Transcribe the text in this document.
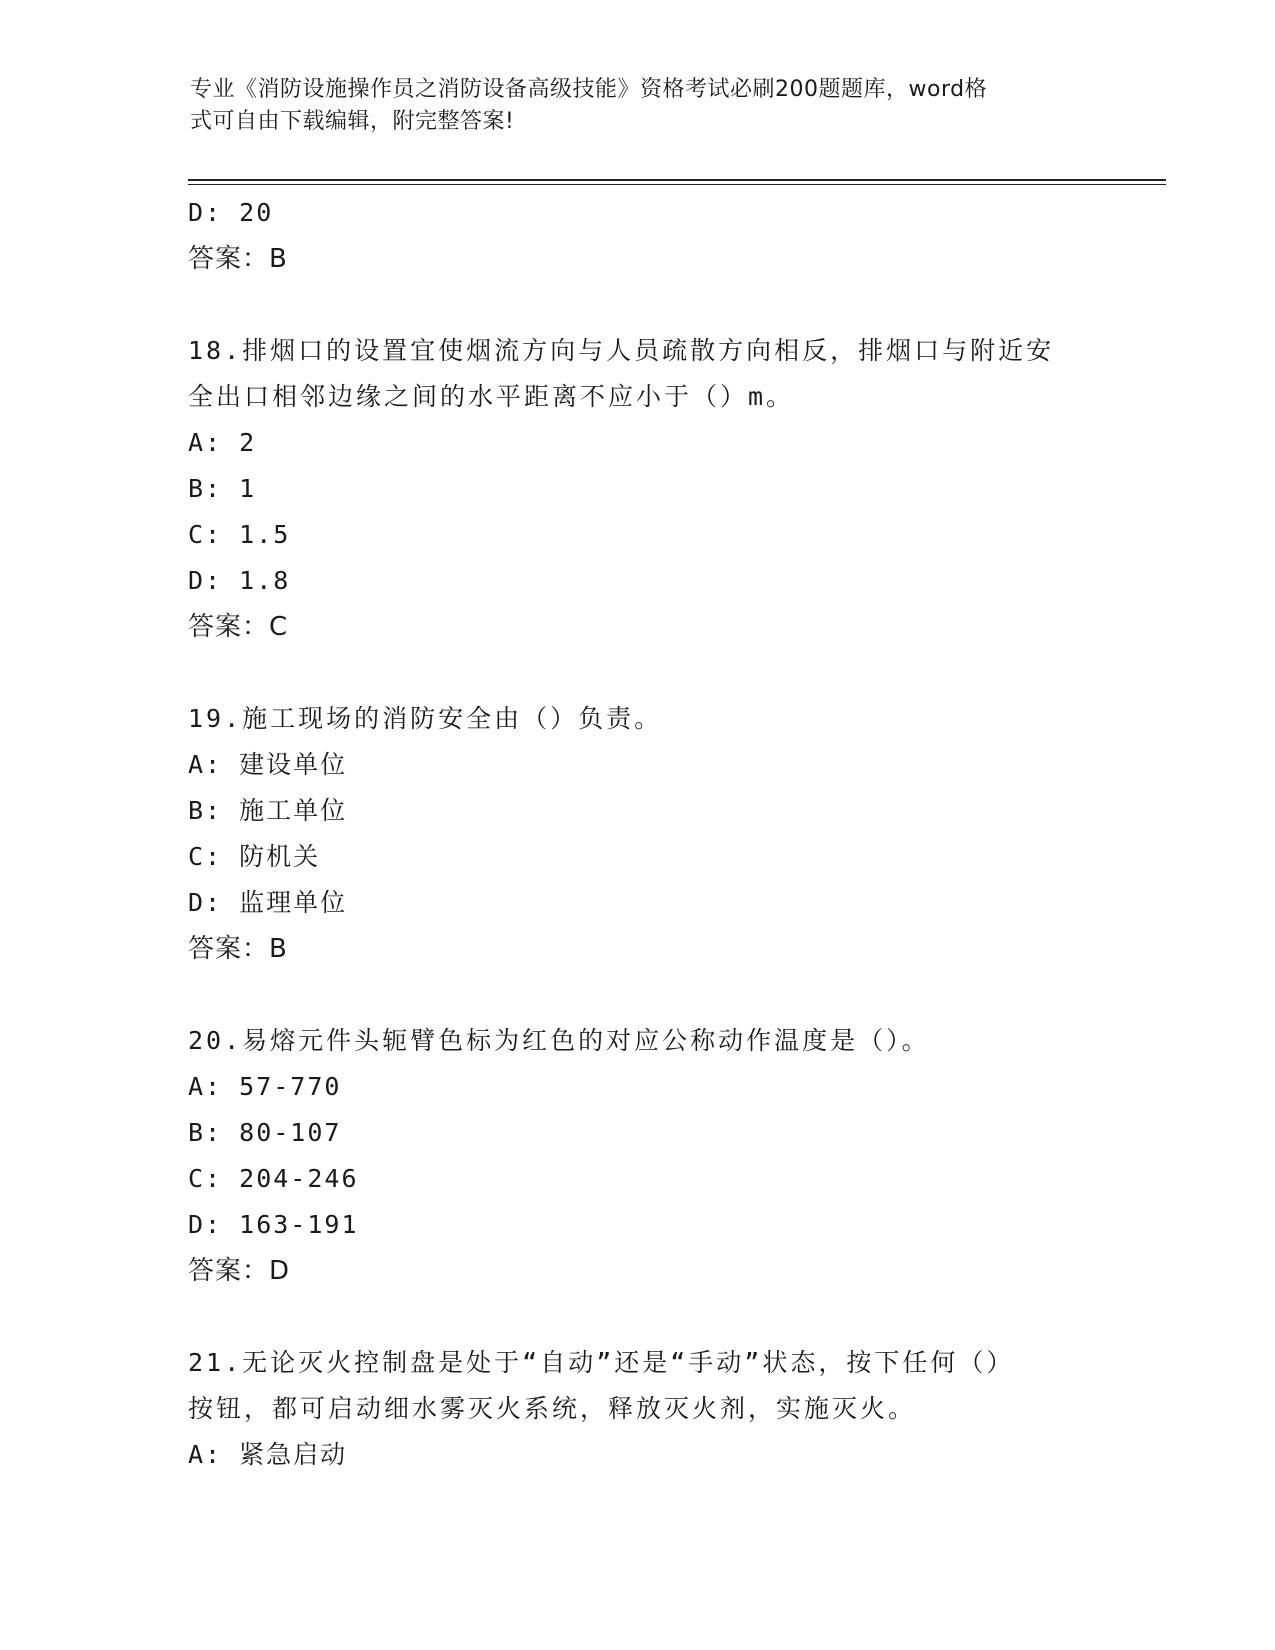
专业《消防设施操作员之消防设备高级技能》资格考试必刷200题题库，word格
式可自由下载编辑，附完整答案!
D: 20
答案：B
18.排烟口的设置宜使烟流方向与人员疏散方向相反，排烟口与附近安
全出口相邻边缘之间的水平距离不应小于（）m。
A: 2
B: 1
C: 1.5
D: 1.8
答案：C
19.施工现场的消防安全由（）负责。
A: 建设单位
B: 施工单位
C: 防机关
D: 监理单位
答案：B
20.易熔元件头轭臂色标为红色的对应公称动作温度是（）。
A: 57-770
B: 80-107
C: 204-246
D: 163-191
答案：D
21.无论灭火控制盘是处于“自动”还是“手动”状态，按下任何（）
按钮，都可启动细水雾灭火系统，释放灭火剂，实施灭火。
A: 紧急启动
